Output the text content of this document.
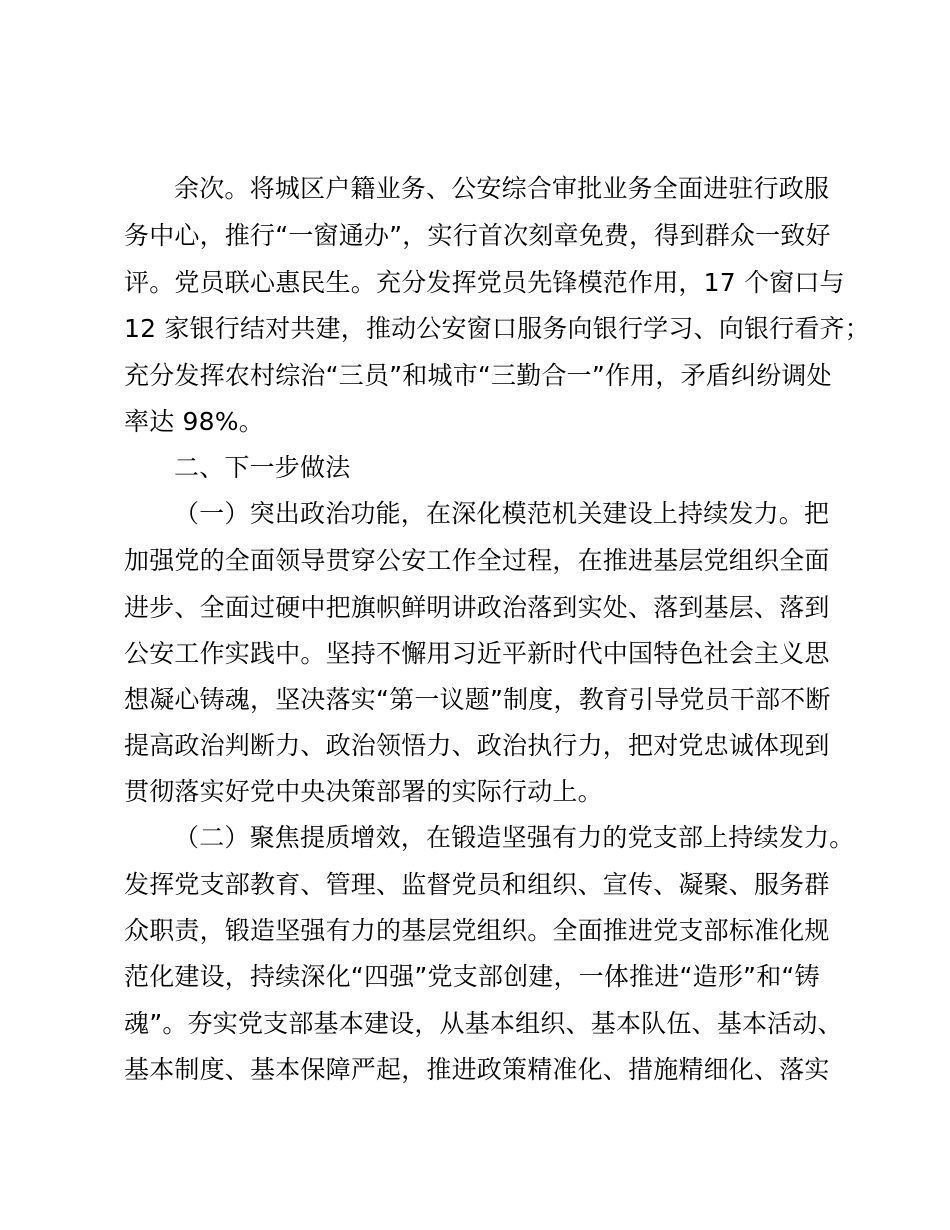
余次。将城区户籍业务、公安综合审批业务全面进驻行政服
务中心，推行“一窗通办”，实行首次刻章免费，得到群众一致好
评。党员联心惠民生。充分发挥党员先锋模范作用，17 个窗口与
12 家银行结对共建，推动公安窗口服务向银行学习、向银行看齐；
充分发挥农村综治“三员”和城市“三勤合一”作用，矛盾纠纷调处
率达 98%。
二、下一步做法
（一）突出政治功能，在深化模范机关建设上持续发力。把
加强党的全面领导贯穿公安工作全过程，在推进基层党组织全面
进步、全面过硬中把旗帜鲜明讲政治落到实处、落到基层、落到
公安工作实践中。坚持不懈用习近平新时代中国特色社会主义思
想凝心铸魂，坚决落实“第一议题”制度，教育引导党员干部不断
提高政治判断力、政治领悟力、政治执行力，把对党忠诚体现到
贯彻落实好党中央决策部署的实际行动上。
（二）聚焦提质增效，在锻造坚强有力的党支部上持续发力。
发挥党支部教育、管理、监督党员和组织、宣传、凝聚、服务群
众职责，锻造坚强有力的基层党组织。全面推进党支部标准化规
范化建设，持续深化“四强”党支部创建，一体推进“造形”和“铸
魂”。夯实党支部基本建设，从基本组织、基本队伍、基本活动、
基本制度、基本保障严起，推进政策精准化、措施精细化、落实
